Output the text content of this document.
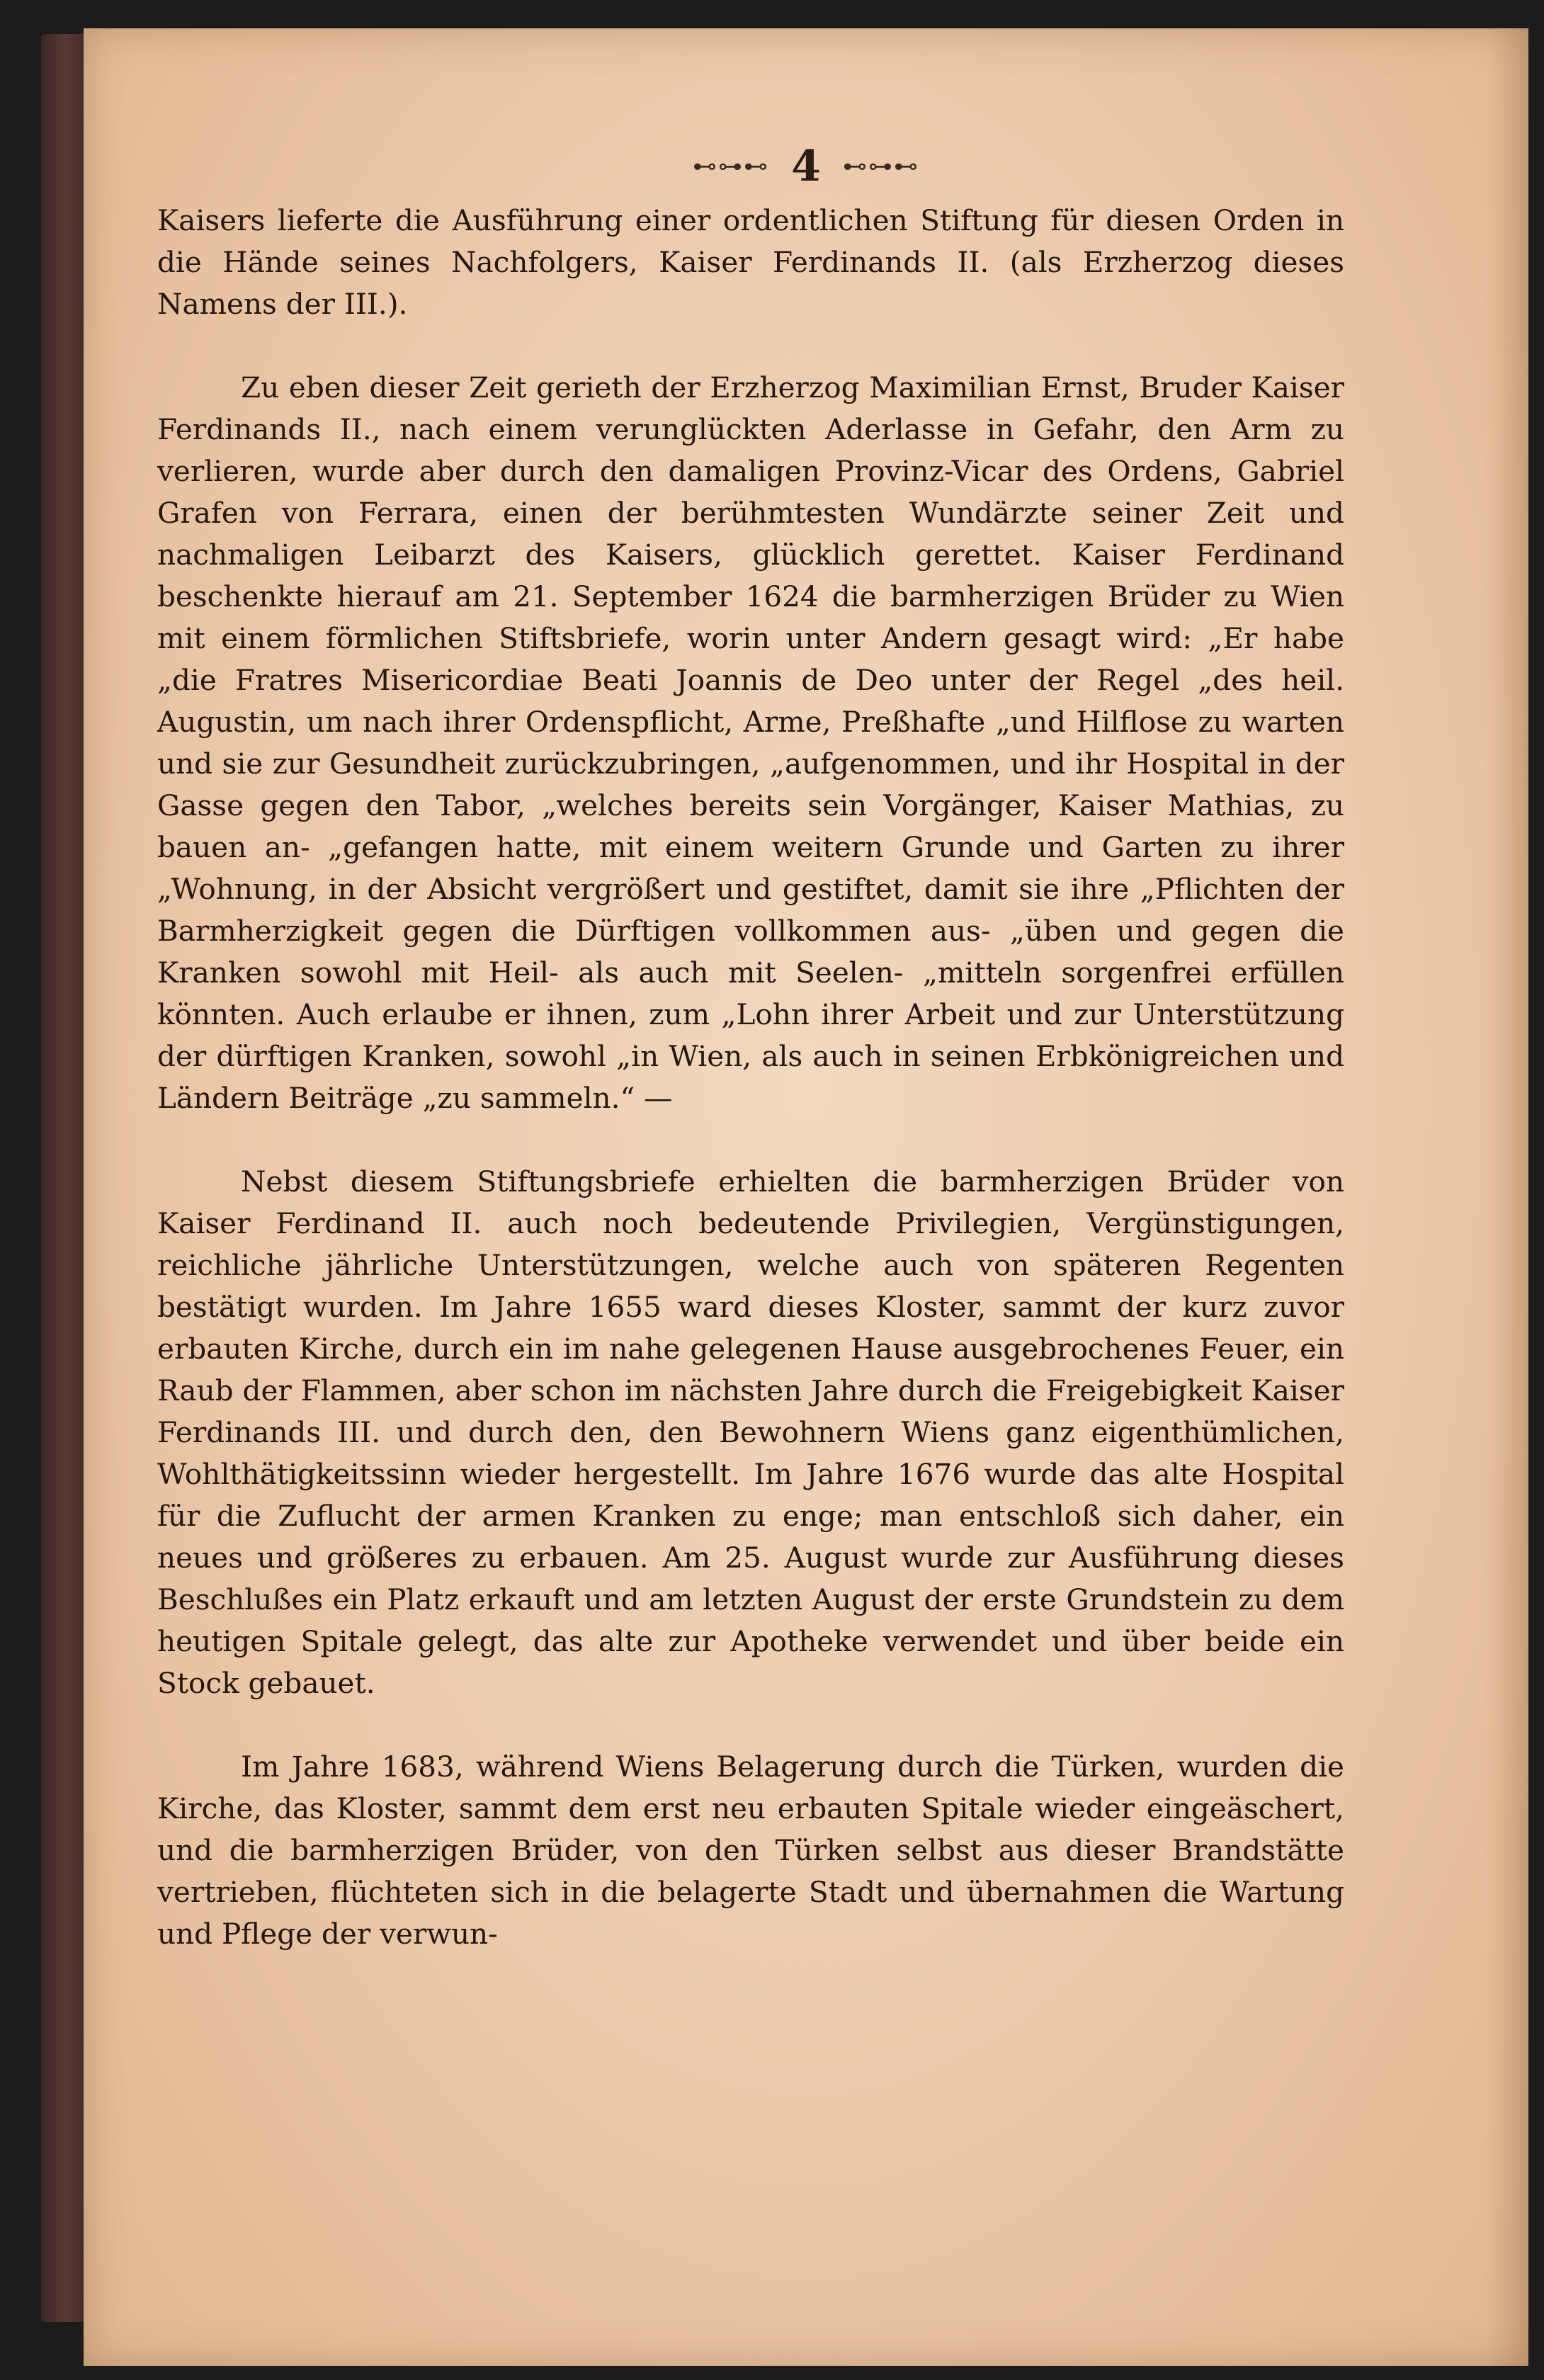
⊷⊶⊷ 4 ⊷⊶⊷

Kaisers lieferte die Ausführung einer ordentlichen Stiftung für diesen Orden in die Hände seines Nachfolgers, Kaiser Ferdinands II. (als Erzherzog dieses Namens der III.).

Zu eben dieser Zeit gerieth der Erzherzog Maximilian Ernst, Bruder Kaiser Ferdinands II., nach einem verunglückten Aderlasse in Gefahr, den Arm zu verlieren, wurde aber durch den damaligen Provinz-Vicar des Ordens, Gabriel Grafen von Ferrara, einen der berühmtesten Wundärzte seiner Zeit und nachmaligen Leibarzt des Kaisers, glücklich gerettet. Kaiser Ferdinand beschenkte hierauf am 21. September 1624 die barmherzigen Brüder zu Wien mit einem förmlichen Stiftsbriefe, worin unter Andern gesagt wird: „Er habe „die Fratres Misericordiae Beati Joannis de Deo unter der Regel „des heil. Augustin, um nach ihrer Ordenspflicht, Arme, Preßhafte „und Hilflose zu warten und sie zur Gesundheit zurückzubringen, „aufgenommen, und ihr Hospital in der Gasse gegen den Tabor, „welches bereits sein Vorgänger, Kaiser Mathias, zu bauen an- „gefangen hatte, mit einem weitern Grunde und Garten zu ihrer „Wohnung, in der Absicht vergrößert und gestiftet, damit sie ihre „Pflichten der Barmherzigkeit gegen die Dürftigen vollkommen aus- „üben und gegen die Kranken sowohl mit Heil- als auch mit Seelen- „mitteln sorgenfrei erfüllen könnten. Auch erlaube er ihnen, zum „Lohn ihrer Arbeit und zur Unterstützung der dürftigen Kranken, sowohl „in Wien, als auch in seinen Erbkönigreichen und Ländern Beiträge „zu sammeln.“ —

Nebst diesem Stiftungsbriefe erhielten die barmherzigen Brüder von Kaiser Ferdinand II. auch noch bedeutende Privilegien, Vergünstigungen, reichliche jährliche Unterstützungen, welche auch von späteren Regenten bestätigt wurden. Im Jahre 1655 ward dieses Kloster, sammt der kurz zuvor erbauten Kirche, durch ein im nahe gelegenen Hause ausgebrochenes Feuer, ein Raub der Flammen, aber schon im nächsten Jahre durch die Freigebigkeit Kaiser Ferdinands III. und durch den, den Bewohnern Wiens ganz eigenthümlichen, Wohlthätigkeitssinn wieder hergestellt. Im Jahre 1676 wurde das alte Hospital für die Zuflucht der armen Kranken zu enge; man entschloß sich daher, ein neues und größeres zu erbauen. Am 25. August wurde zur Ausführung dieses Beschlußes ein Platz erkauft und am letzten August der erste Grundstein zu dem heutigen Spitale gelegt, das alte zur Apotheke verwendet und über beide ein Stock gebauet.

Im Jahre 1683, während Wiens Belagerung durch die Türken, wurden die Kirche, das Kloster, sammt dem erst neu erbauten Spitale wieder eingeäschert, und die barmherzigen Brüder, von den Türken selbst aus dieser Brandstätte vertrieben, flüchteten sich in die belagerte Stadt und übernahmen die Wartung und Pflege der verwun-
